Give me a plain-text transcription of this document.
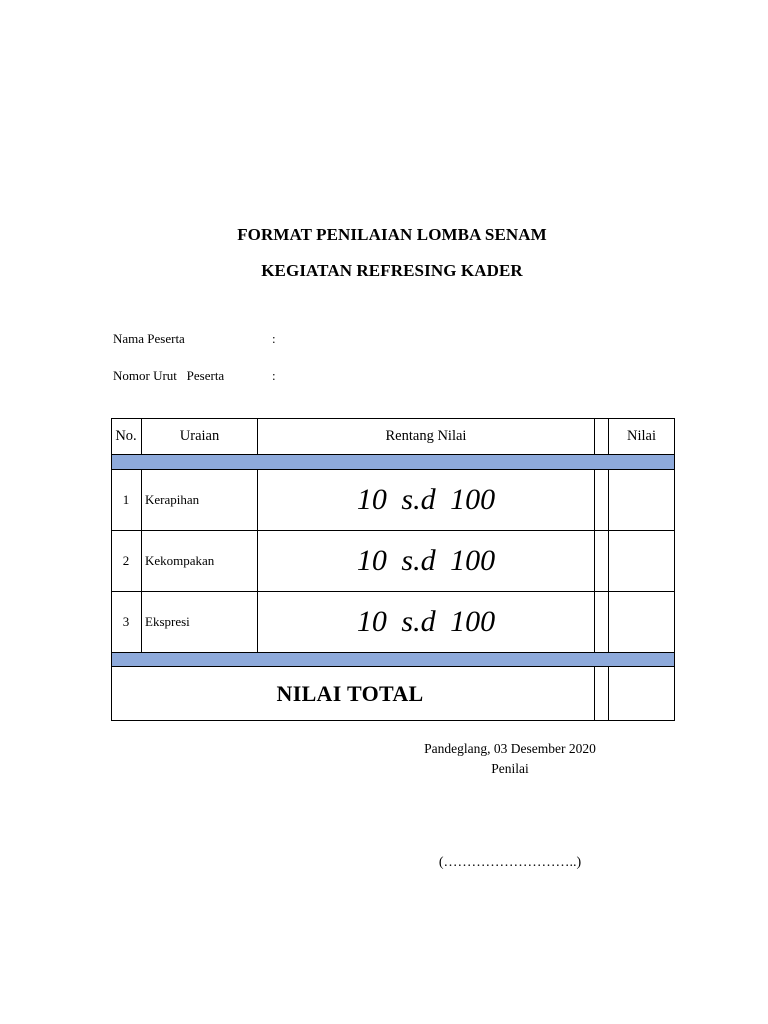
FORMAT PENILAIAN LOMBA SENAM
KEGIATAN REFRESING KADER
Nama Peserta	:
Nomor Urut   Peserta	:
No.	Uraian	Rentang Nilai	Nilai
1	Kerapihan	10 s.d 100
2	Kekompakan	10 s.d 100
3	Ekspresi	10 s.d 100
NILAI TOTAL
Pandeglang, 03 Desember 2020
Penilai
(………………………..)
